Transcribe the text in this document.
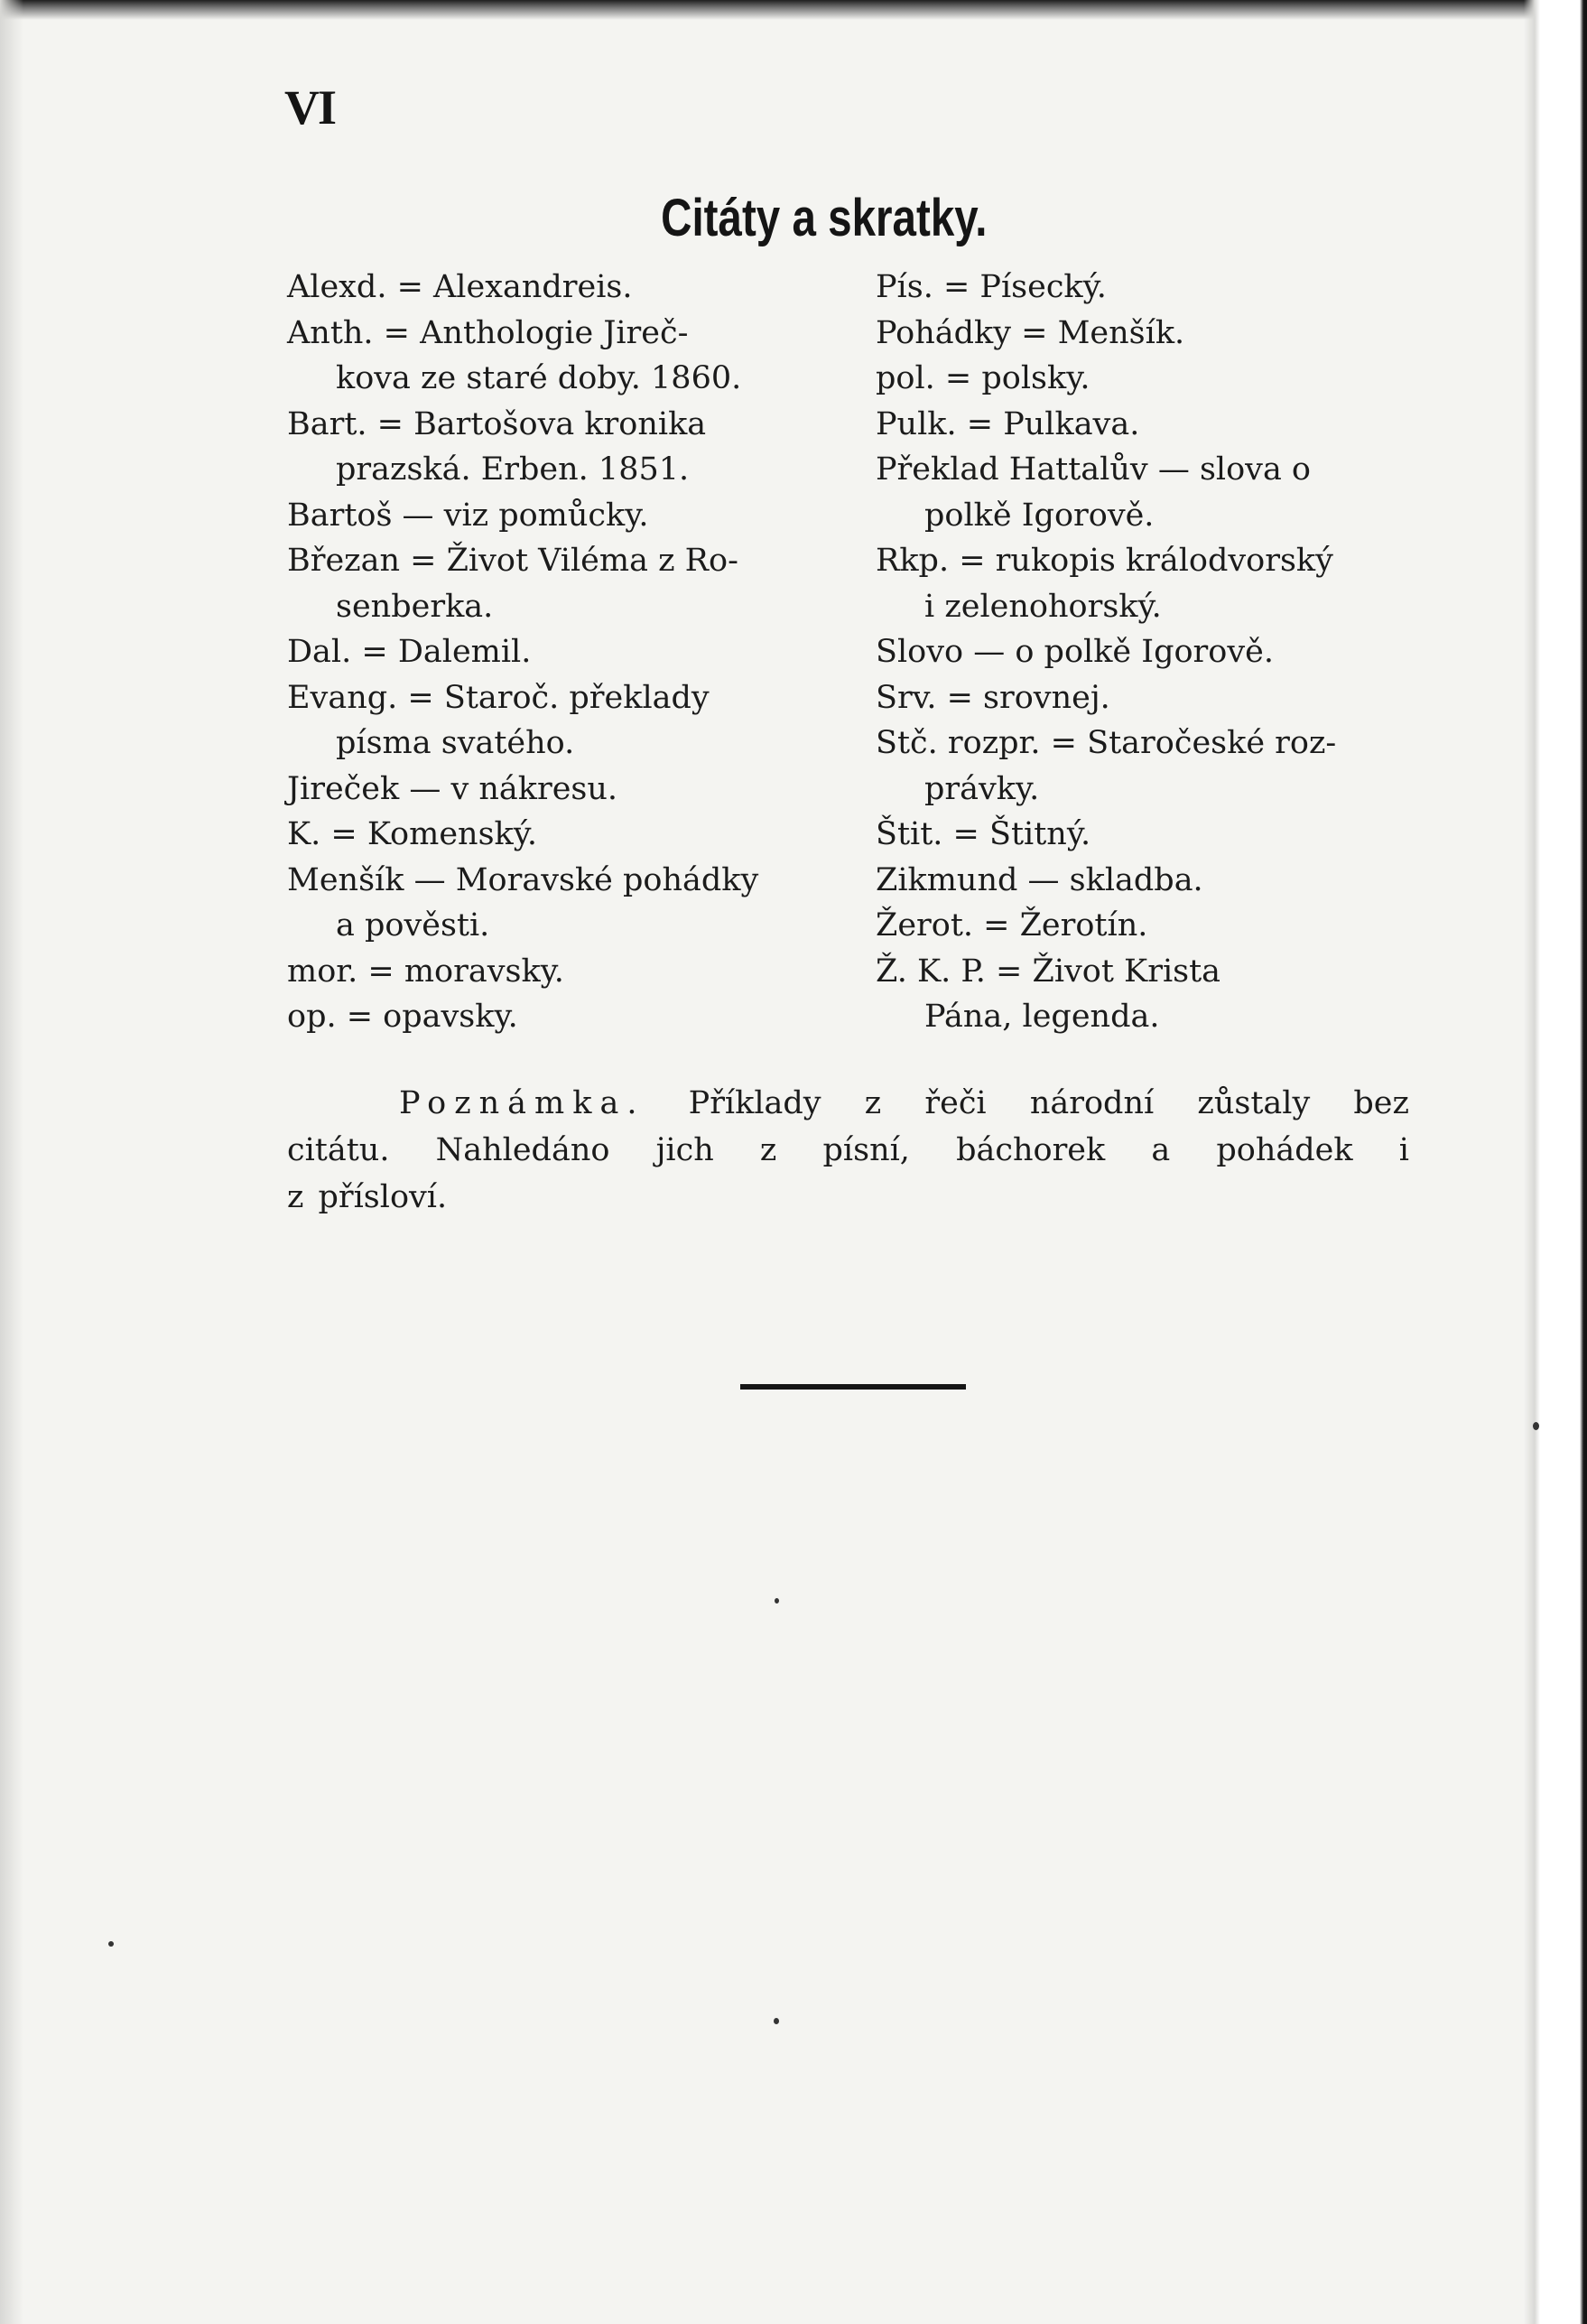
VI
Citáty a skratky.
Alexd. = Alexandreis.
Anth. = Anthologie Jireč-
kova ze staré doby. 1860.
Bart. = Bartošova kronika
prazská. Erben. 1851.
Bartoš — viz pomůcky.
Březan = Život Viléma z Ro-
senberka.
Dal. = Dalemil.
Evang. = Staroč. překlady
písma svatého.
Jireček — v nákresu.
K. = Komenský.
Menšík — Moravské pohádky
a pověsti.
mor. = moravsky.
op. = opavsky.
Pís. = Písecký.
Pohádky = Menšík.
pol. = polsky.
Pulk. = Pulkava.
Překlad Hattalův — slova o
polkě Igorově.
Rkp. = rukopis králodvorský
i zelenohorský.
Slovo — o polkě Igorově.
Srv. = srovnej.
Stč. rozpr. = Staročeské roz-
právky.
Štit. = Štitný.
Zikmund — skladba.
Žerot. = Žerotín.
Ž. K. P. = Život Krista
Pána, legenda.
Poznámka. Příklady z řeči národní zůstaly bez
citátu. Nahledáno jich z písní, báchorek a pohádek i
z přísloví.
